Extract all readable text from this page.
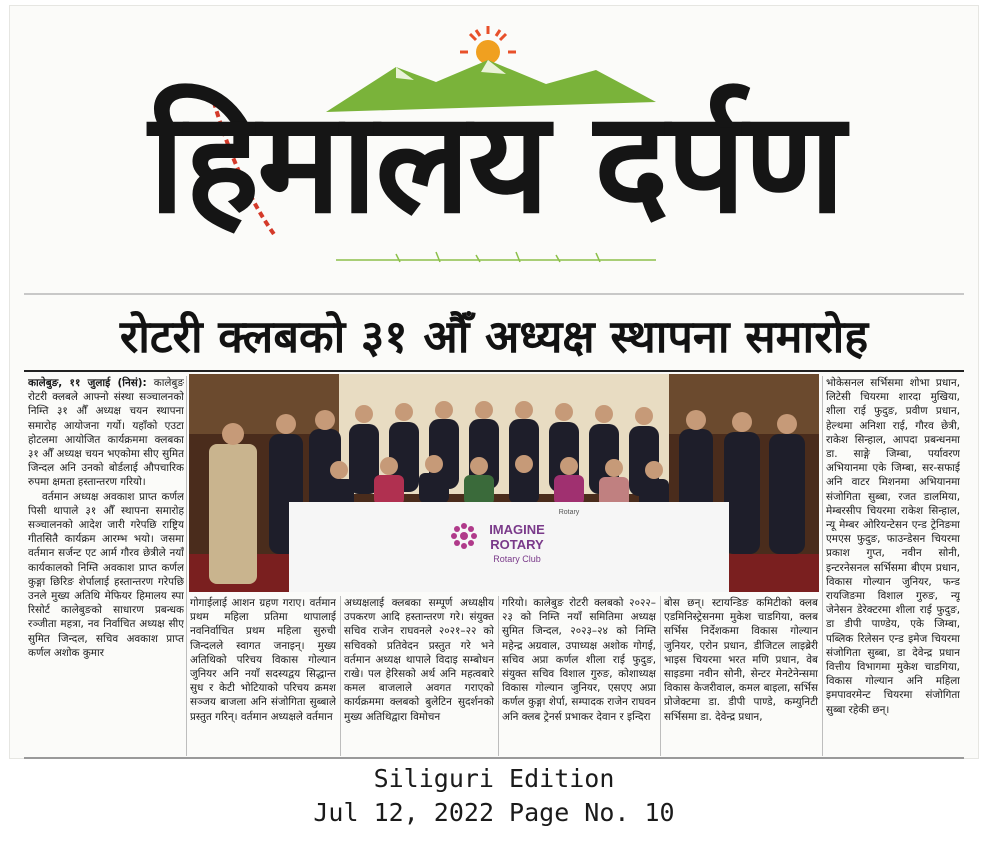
हिमालय दर्पण
रोटरी क्लबको ३१ औँ अध्यक्ष स्थापना समारोह

कालेबुङ, ११ जुलाई (निसं): कालेबुङ रोटरी क्लबले आफ्नो संस्था सञ्चालनको निम्ति ३१ औँ अध्यक्ष चयन स्थापना समारोह आयोजना गर्यो। यहाँको एउटा होटलमा आयोजित कार्यक्रममा क्लबका ३१ औँ अध्यक्ष चयन भएकोमा सीए सुमित जिन्दल अनि उनको बोर्डलाई औपचारिक रुपमा क्षमता हस्तान्तरण गरियो।

वर्तमान अध्यक्ष अवकाश प्राप्त कर्णल पिसी थापाले ३१ औँ स्थापना समारोह सञ्चालनको आदेश जारी गरेपछि राष्ट्रिय गीतसितै कार्यक्रम आरम्भ भयो। जसमा वर्तमान सर्जन्ट एट आर्म गौरव छेत्रीले नयाँ कार्यकालको निम्ति अवकाश प्राप्त कर्णल कुङ्गा छिरिङ शेर्पालाई हस्तान्तरण गरेपछि उनले मुख्य अतिथि मेफियर हिमालय स्पा रिसोर्ट कालेबुङको साधारण प्रबन्धक रञ्जीता महत्रा, नव निर्वाचित अध्यक्ष सीए सुमित जिन्दल, सचिव अवकाश प्राप्त कर्णल अशोक कुमार

IMAGINE
ROTARY
Rotary Club
Rotary

गोगाईलाई आशन ग्रहण गराए। वर्तमान प्रथम महिला प्रतिमा थापालाई नवनिर्वाचित प्रथम महिला सुरुची जिन्दलले स्वागत जनाइन्। मुख्य अतिथिको परिचय विकास गोल्यान जुनियर अनि नयाँ सदस्यद्वय सिद्धान्त सुध र केटी भोटियाको परिचय क्रमश सञ्जय बाजला अनि संजोगिता सुब्बाले प्रस्तुत गरिन्। वर्तमान अध्यक्षले वर्तमान

अध्यक्षलाई क्लबका सम्पूर्ण अध्यक्षीय उपकरण आदि हस्तान्तरण गरे। संयुक्त सचिव राजेन राघवनले २०२१–२२ को सचिवको प्रतिवेदन प्रस्तुत गरे भने वर्तमान अध्यक्ष थापाले विदाइ सम्बोधन राखे। पल हेरिसको अर्थ अनि महत्वबारे कमल बाजलाले अवगत गराएको कार्यक्रममा क्लबको बुलेटिन सुदर्शनको मुख्य अतिथिद्वारा विमोचन

गरियो। कालेबुङ रोटरी क्लबको २०२२–२३ को निम्ति नयाँ समितिमा अध्यक्ष सुमित जिन्दल, २०२३–२४ को निम्ति महेन्द्र अग्रवाल, उपाध्यक्ष अशोक गोगई, सचिव अप्रा कर्णल शीला राई फुदुङ, संयुक्त सचिव विशाल गुरुङ, कोशाध्यक्ष विकास गोल्यान जुनियर, एसएए अप्रा कर्णल कुङ्गा शेर्पा, सम्पादक राजेन राघवन अनि क्लब ट्रेनर्स प्रभाकर देवान र इन्दिरा

बोस छन्। स्टायन्डिङ कमिटीको क्लब एडमिनिस्ट्रेसनमा मुकेश चाडगिया, क्लब सर्भिस निर्देशकमा विकास गोल्यान जुनियर, एरोन प्रधान, डीजिटल लाइब्रेरी भाइस चियरमा भरत मणि प्रधान, वेब साइडमा नवीन सोनी, सेन्टर मेनटेनेन्समा विकास केजरीवाल, कमल बाइला, सर्भिस प्रोजेक्टमा डा. डीपी पाण्डे, कम्युनिटी सर्भिसमा डा. देवेन्द्र प्रधान,

भोकेसनल सर्भिसमा शोभा प्रधान, लिटेसी चियरमा शारदा मुखिया, शीला राई फुदुङ, प्रवीण प्रधान, हेल्थमा अनिशा राई, गौरव छेत्री, राकेश सिन्हाल, आपदा प्रबन्धनमा डा. साङ्गे जिम्बा, पर्यावरण अभियानमा एके जिम्बा, सर-सफाई अनि वाटर मिशनमा अभियानमा संजोगिता सुब्बा, रजत डालमिया, मेम्बरसीप चियरमा राकेश सिन्हाल, न्यू मेम्बर ओरियन्टेसन एन्ड ट्रेनिङमा एमएस फुदुङ, फाउन्डेसन चियरमा प्रकाश गुप्त, नवीन सोनी, इन्टरनेसनल सर्भिसमा बीएम प्रधान, विकास गोल्यान जुनियर, फन्ड रायजिङमा विशाल गुरुङ, न्यू जेनेसन डेरेक्टरमा शीला राई फुदुङ, डा डीपी पाण्डेय, एके जिम्बा, पब्लिक रिलेसन एन्ड इमेज चियरमा संजोगिता सुब्बा, डा देवेन्द्र प्रधान वित्तीय विभागमा मुकेश चाडगिया, विकास गोल्यान अनि महिला इमपावरमेन्ट चियरमा संजोगिता सुब्बा रहेकी छन्।

Siliguri Edition
Jul 12, 2022 Page No. 10
